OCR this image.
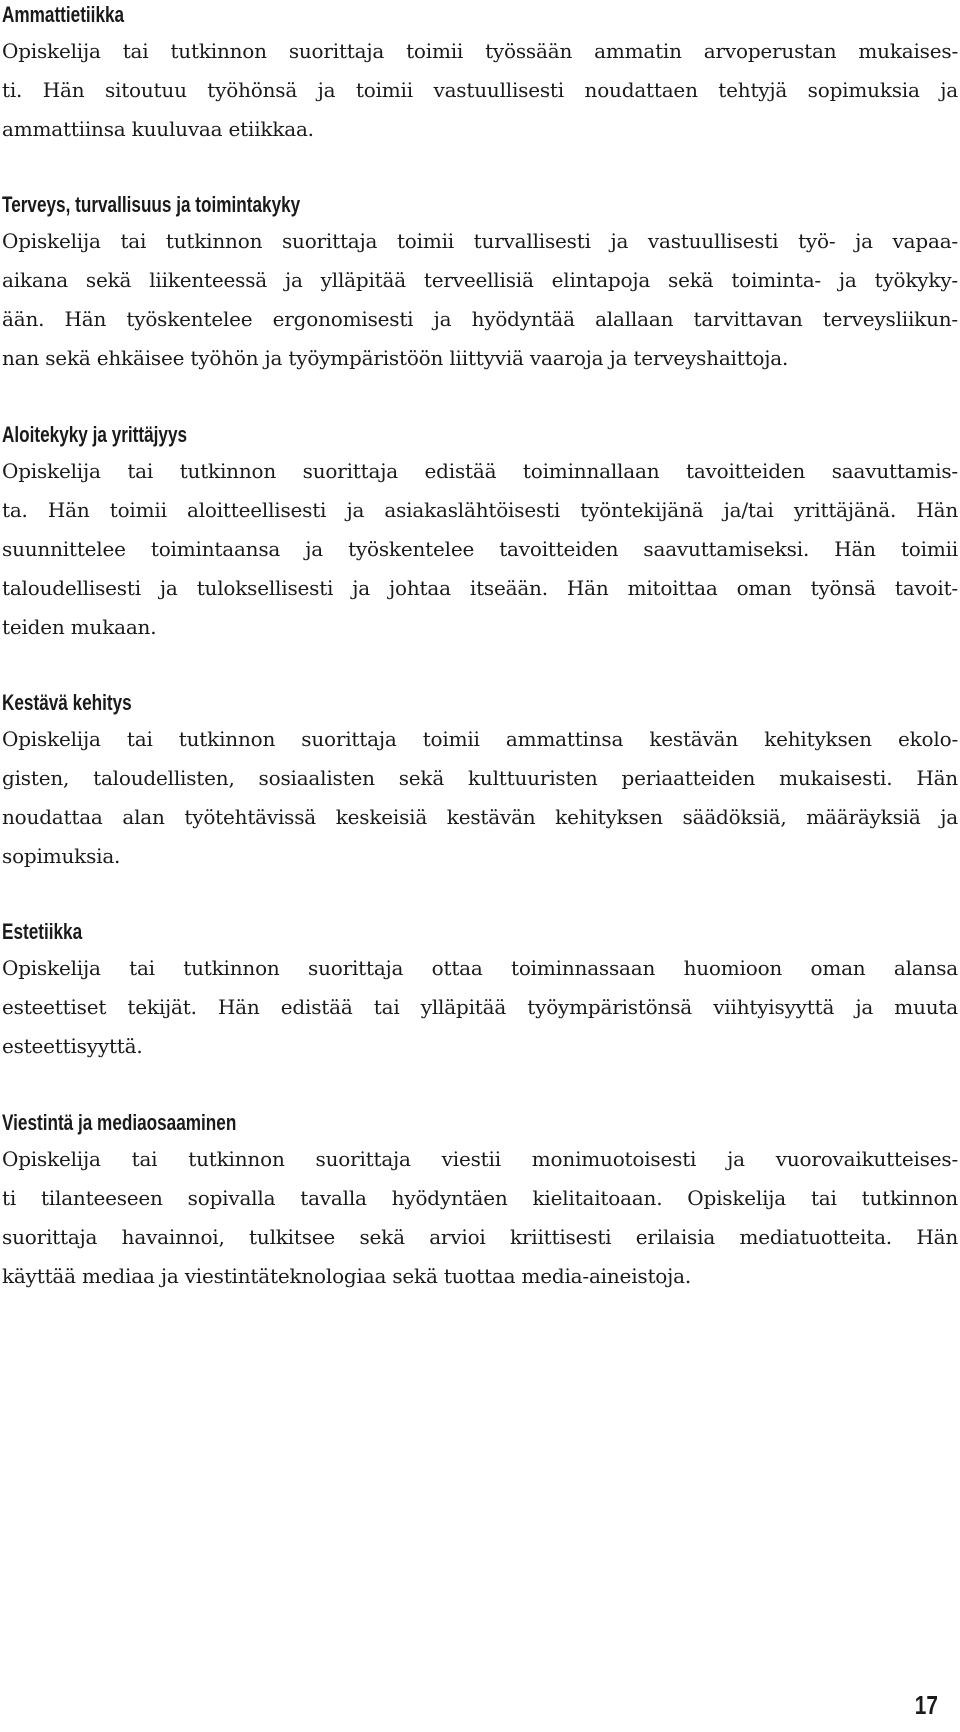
Ammattietiikka

Opiskelija tai tutkinnon suorittaja toimii työssään ammatin arvoperustan mukaises-
ti. Hän sitoutuu työhönsä ja toimii vastuullisesti noudattaen tehtyjä sopimuksia ja
ammattiinsa kuuluvaa etiikkaa.

Terveys, turvallisuus ja toimintakyky

Opiskelija tai tutkinnon suorittaja toimii turvallisesti ja vastuullisesti työ- ja vapaa-
aikana sekä liikenteessä ja ylläpitää terveellisiä elintapoja sekä toiminta- ja työkyky-
ään. Hän työskentelee ergonomisesti ja hyödyntää alallaan tarvittavan terveysliikun-
nan sekä ehkäisee työhön ja työympäristöön liittyviä vaaroja ja terveyshaittoja.

Aloitekyky ja yrittäjyys

Opiskelija tai tutkinnon suorittaja edistää toiminnallaan tavoitteiden saavuttamis-
ta. Hän toimii aloitteellisesti ja asiakaslähtöisesti työntekijänä ja/tai yrittäjänä. Hän
suunnittelee toimintaansa ja työskentelee tavoitteiden saavuttamiseksi. Hän toimii
taloudellisesti ja tuloksellisesti ja johtaa itseään. Hän mitoittaa oman työnsä tavoit-
teiden mukaan.

Kestävä kehitys

Opiskelija tai tutkinnon suorittaja toimii ammattinsa kestävän kehityksen ekolo-
gisten, taloudellisten, sosiaalisten sekä kulttuuristen periaatteiden mukaisesti. Hän
noudattaa alan työtehtävissä keskeisiä kestävän kehityksen säädöksiä, määräyksiä ja
sopimuksia.

Estetiikka

Opiskelija tai tutkinnon suorittaja ottaa toiminnassaan huomioon oman alansa
esteettiset tekijät. Hän edistää tai ylläpitää työympäristönsä viihtyisyyttä ja muuta
esteettisyyttä.

Viestintä ja mediaosaaminen

Opiskelija tai tutkinnon suorittaja viestii monimuotoisesti ja vuorovaikutteises-
ti tilanteeseen sopivalla tavalla hyödyntäen kielitaitoaan. Opiskelija tai tutkinnon
suorittaja havainnoi, tulkitsee sekä arvioi kriittisesti erilaisia mediatuotteita. Hän
käyttää mediaa ja viestintäteknologiaa sekä tuottaa media-aineistoja.

17
